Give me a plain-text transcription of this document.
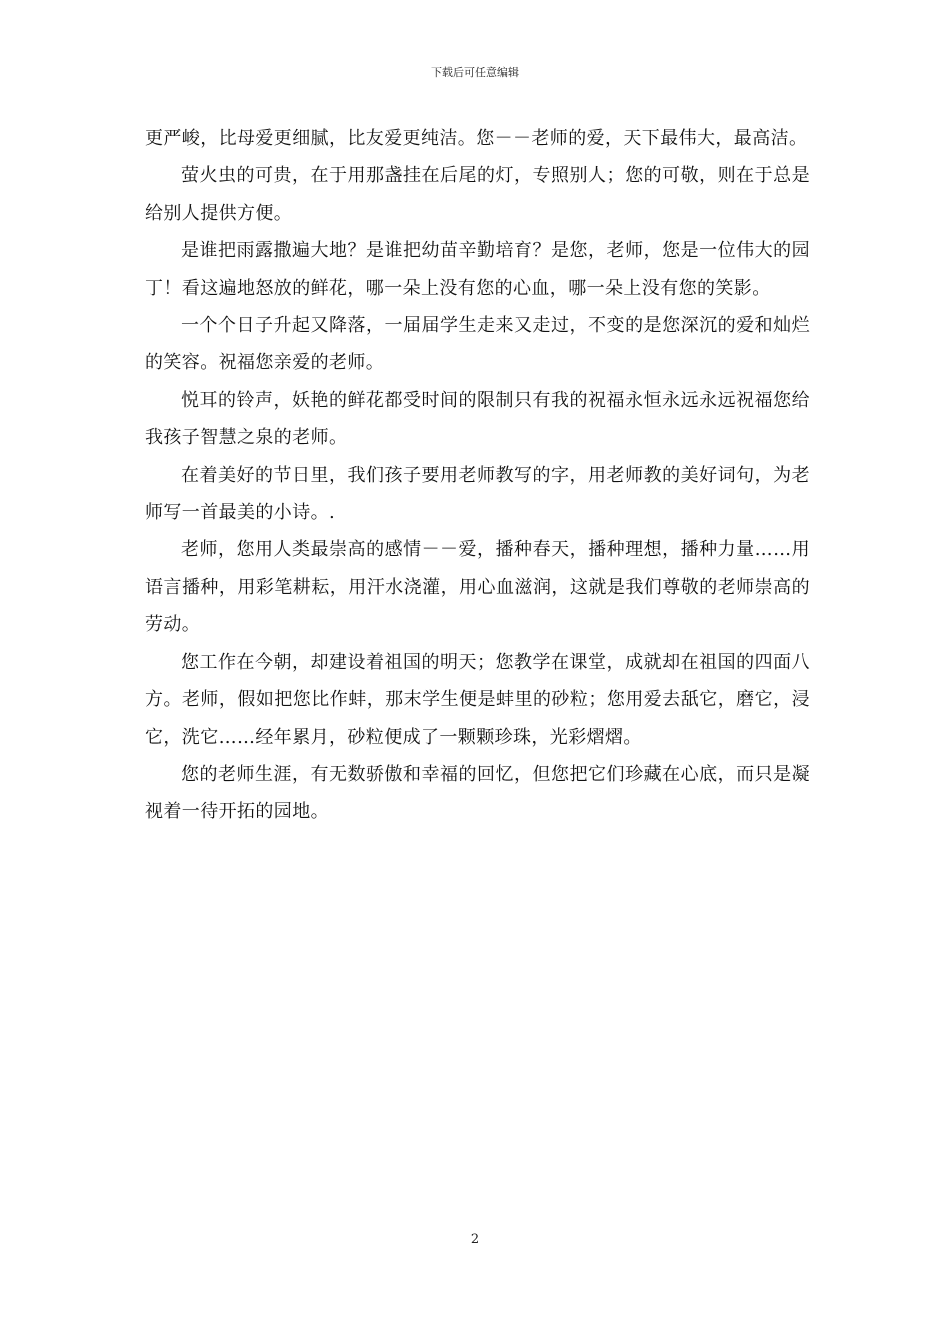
下载后可任意编辑

更严峻，比母爱更细腻，比友爱更纯洁。您－－老师的爱，天下最伟大，最高洁。

萤火虫的可贵，在于用那盏挂在后尾的灯，专照别人；您的可敬，则在于总是给别人提供方便。

是谁把雨露撒遍大地？是谁把幼苗辛勤培育？是您，老师，您是一位伟大的园丁！看这遍地怒放的鲜花，哪一朵上没有您的心血，哪一朵上没有您的笑影。

一个个日子升起又降落，一届届学生走来又走过，不变的是您深沉的爱和灿烂的笑容。祝福您亲爱的老师。

悦耳的铃声，妖艳的鲜花都受时间的限制只有我的祝福永恒永远永远祝福您给我孩子智慧之泉的老师。

在着美好的节日里，我们孩子要用老师教写的字，用老师教的美好词句，为老师写一首最美的小诗。.

老师，您用人类最崇高的感情－－爱，播种春天，播种理想，播种力量……用语言播种，用彩笔耕耘，用汗水浇灌，用心血滋润，这就是我们尊敬的老师崇高的劳动。

您工作在今朝，却建设着祖国的明天；您教学在课堂，成就却在祖国的四面八方。老师，假如把您比作蚌，那末学生便是蚌里的砂粒；您用爱去舐它，磨它，浸它，洗它……经年累月，砂粒便成了一颗颗珍珠，光彩熠熠。

您的老师生涯，有无数骄傲和幸福的回忆，但您把它们珍藏在心底，而只是凝视着一待开拓的园地。

2
